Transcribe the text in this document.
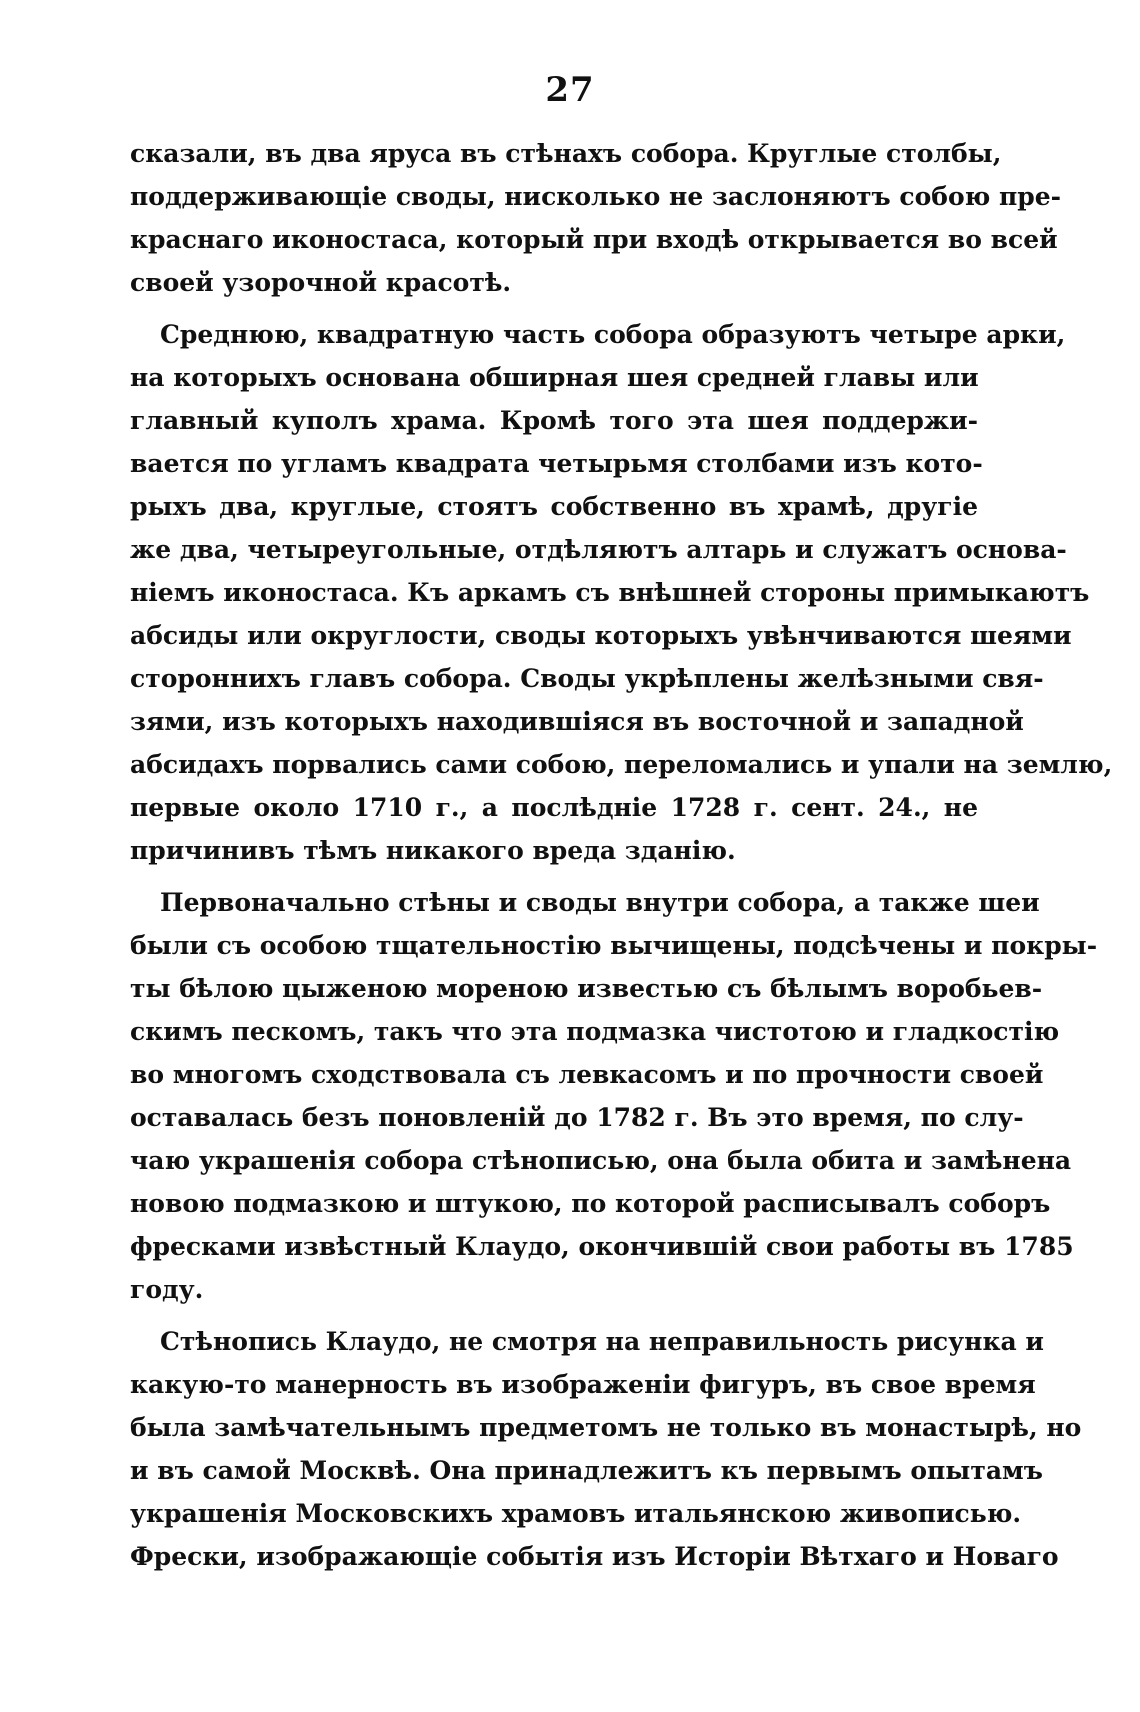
27
сказали, въ два ярyса въ стѣнахъ собора. Круглые столбы,
поддерживающіе своды, нисколько не заслоняютъ собою пре-
краснаго иконостаса, который при входѣ открывается во всей
своей узорочной красотѣ.
Среднюю, квадратную часть собора образуютъ четыре арки,
на которыхъ основана обширная шея средней главы или
главный куполъ храма. Кромѣ того эта шея поддержи-
вается по угламъ квадрата четырьмя столбами изъ кото-
рыхъ два, круглые, стоятъ собственно въ храмѣ, другіе
же два, четыреугольные, отдѣляютъ алтарь и служатъ основа-
ніемъ иконостаса. Къ аркамъ съ внѣшней стороны примыкаютъ
абсиды или округлости, своды которыхъ увѣнчиваются шеями
стороннихъ главъ собора. Своды укрѣплены желѣзными свя-
зями, изъ которыхъ находившіяся въ восточной и западной
абсидахъ порвались сами собою, переломались и упали на землю,
первые около 1710 г., а послѣдніе 1728 г. сент. 24., не
причинивъ тѣмъ никакого вреда зданію.
Первоначально стѣны и своды внутри собора, а также шеи
были съ особою тщательностію вычищены, подсѣчены и покры-
ты бѣлою цыженою мореною известью съ бѣлымъ воробьев-
скимъ пескомъ, такъ что эта подмазка чистотою и гладкостію
во многомъ сходствовала съ левкасомъ и по прочности своей
оставалась безъ поновленій до 1782 г. Въ это время, по слу-
чаю украшенія собора стѣнописью, она была обита и замѣнена
новою подмазкою и штукою, по которой расписывалъ соборъ
фресками извѣстный Клаудо, окончившій свои работы въ 1785
году.
Стѣнопись Клаудо, не смотря на неправильность рисунка и
какую-то манерность въ изображеніи фигуръ, въ свое время
была замѣчательнымъ предметомъ не только въ монастырѣ, но
и въ самой Москвѣ. Она принадлежитъ къ первымъ опытамъ
украшенія Московскихъ храмовъ итальянскою живописью.
Фрески, изображающіе событія изъ Исторіи Вѣтхаго и Новаго
